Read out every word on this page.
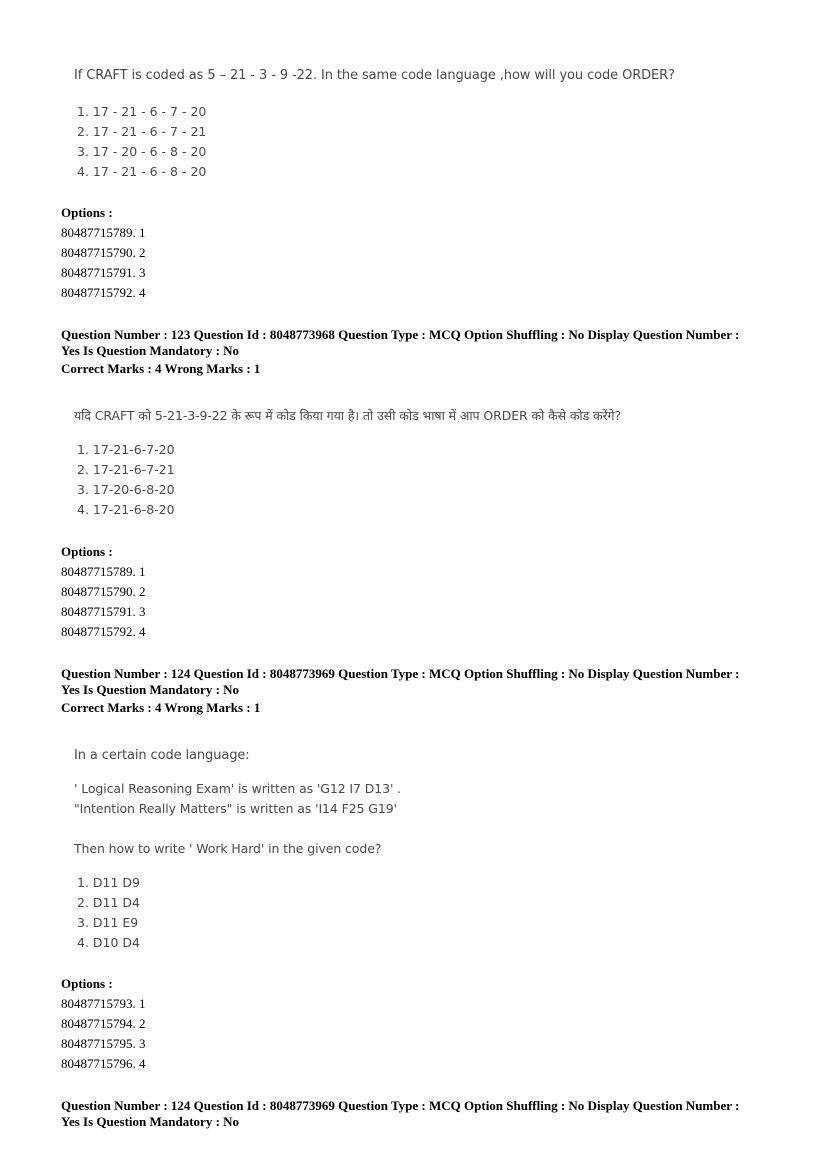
If CRAFT is coded as 5 – 21 - 3 - 9 -22. In the same code language ,how will you code ORDER?
1. 17 - 21 - 6 - 7 - 20
2. 17 - 21 - 6 - 7 - 21
3. 17 - 20 - 6 - 8 - 20
4. 17 - 21 - 6 - 8 - 20
Options :
80487715789. 1
80487715790. 2
80487715791. 3
80487715792. 4
Question Number : 123 Question Id : 8048773968 Question Type : MCQ Option Shuffling : No Display Question Number :
Yes Is Question Mandatory : No
Correct Marks : 4 Wrong Marks : 1
यदि CRAFT को 5-21-3-9-22 के रूप में कोड किया गया है। तो उसी कोड भाषा में आप ORDER को कैसे कोड करेंगे?
1. 17-21-6-7-20
2. 17-21-6-7-21
3. 17-20-6-8-20
4. 17-21-6-8-20
Options :
80487715789. 1
80487715790. 2
80487715791. 3
80487715792. 4
Question Number : 124 Question Id : 8048773969 Question Type : MCQ Option Shuffling : No Display Question Number :
Yes Is Question Mandatory : No
Correct Marks : 4 Wrong Marks : 1
In a certain code language:
' Logical Reasoning Exam' is written as 'G12 I7 D13' .
"Intention Really Matters" is written as 'I14 F25 G19'
Then how to write ' Work Hard' in the given code?
1. D11 D9
2. D11 D4
3. D11 E9
4. D10 D4
Options :
80487715793. 1
80487715794. 2
80487715795. 3
80487715796. 4
Question Number : 124 Question Id : 8048773969 Question Type : MCQ Option Shuffling : No Display Question Number :
Yes Is Question Mandatory : No
